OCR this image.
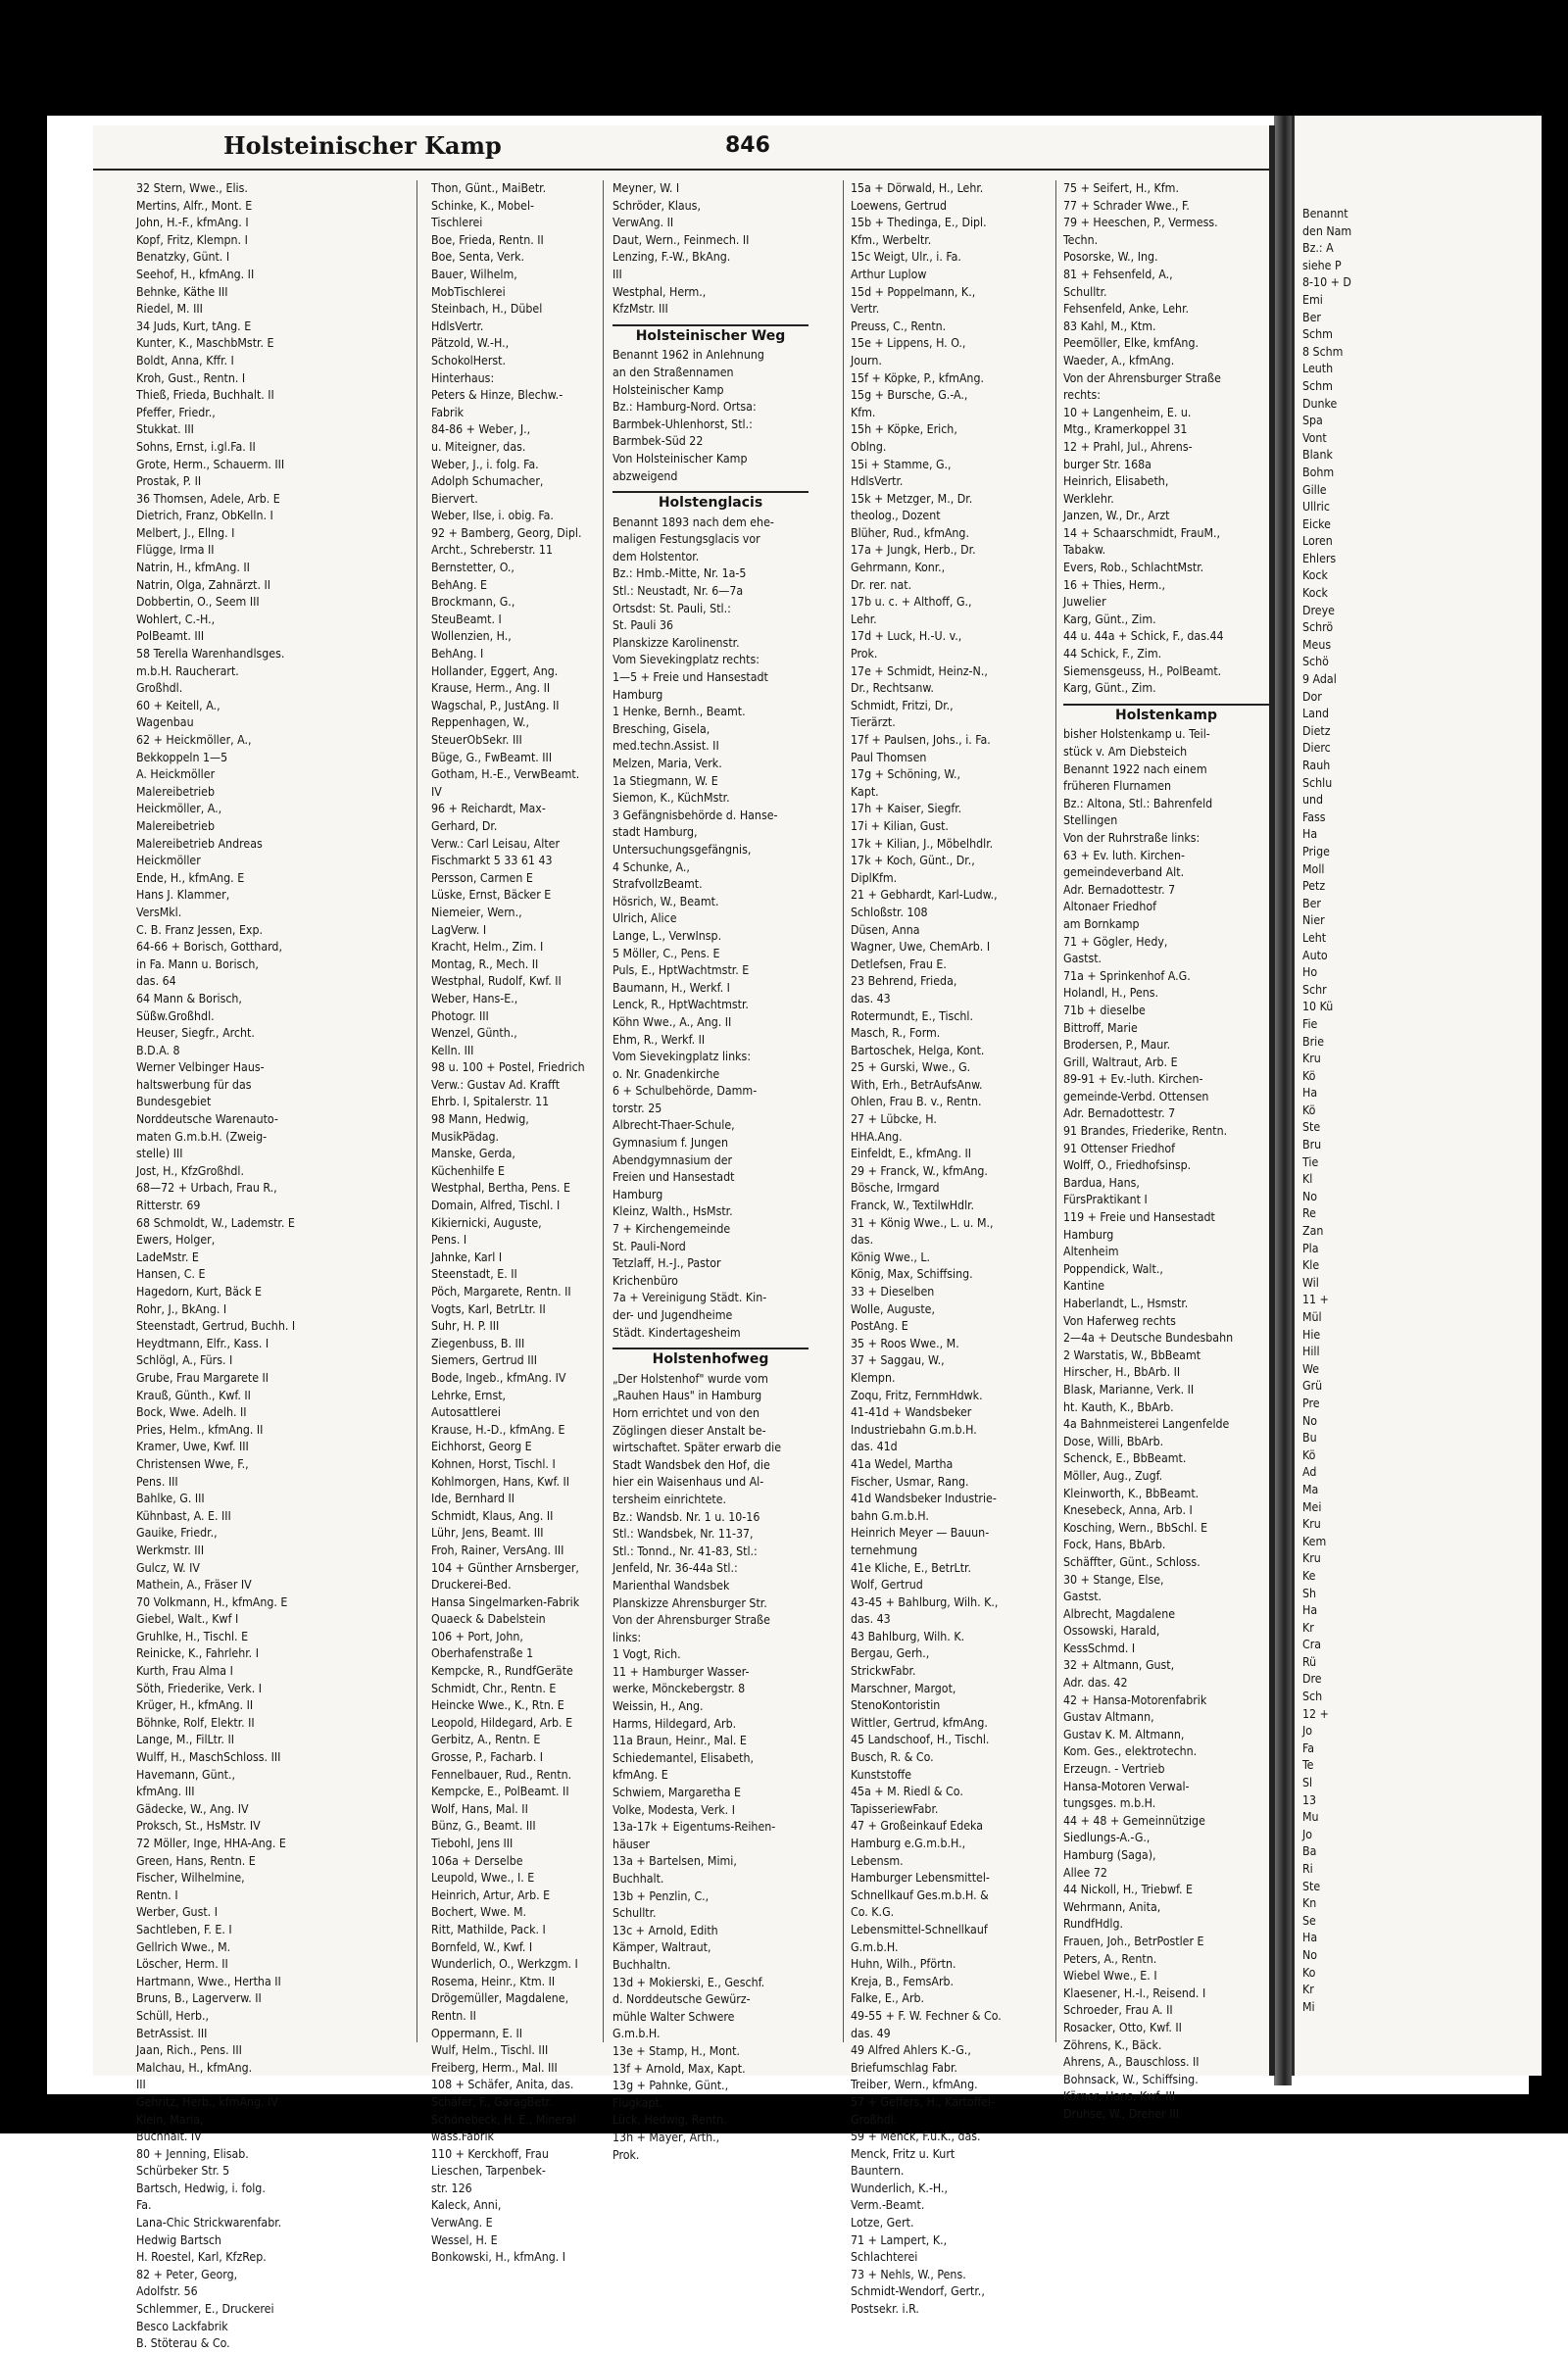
Holsteinischer Kamp	846
32 Stern, Wwe., Elis.
Mertins, Alfr., Mont. E
John, H.-F., kfmAng. I
Kopf, Fritz, Klempn. I
Benatzky, Günt. I
Seehof, H., kfmAng. II
Behnke, Käthe III
Riedel, M. III
34 Juds, Kurt, tAng. E
Kunter, K., MaschbMstr. E
Boldt, Anna, Kffr. I
Kroh, Gust., Rentn. I
Thieß, Frieda, Buchhalt. II
Pfeffer, Friedr.,
Stukkat. III
Sohns, Ernst, i.gl.Fa. II
Grote, Herm., Schauerm. III
Prostak, P. II
36 Thomsen, Adele, Arb. E
Dietrich, Franz, ObKelln. I
Melbert, J., Ellng. I
Flügge, Irma II
Natrin, H., kfmAng. II
Natrin, Olga, Zahnärzt. II
Dobbertin, O., Seem III
Wohlert, C.-H.,
PolBeamt. III
58 Terella Warenhandlsges.
m.b.H. Raucherart.
Großhdl.
60 + Keitell, A.,
Wagenbau
62 + Heickmöller, A.,
Bekkoppeln 1—5
A. Heickmöller
Malereibetrieb
Heickmöller, A.,
Malereibetrieb
Malereibetrieb Andreas
Heickmöller
Ende, H., kfmAng. E
Hans J. Klammer,
VersMkl.
C. B. Franz Jessen, Exp.
64-66 + Borisch, Gotthard,
in Fa. Mann u. Borisch,
das. 64
64 Mann & Borisch,
Süßw.Großhdl.
Heuser, Siegfr., Archt.
B.D.A. 8
Werner Velbinger Haus-
haltswerbung für das
Bundesgebiet
Norddeutsche Warenauto-
maten G.m.b.H. (Zweig-
stelle) III
Jost, H., KfzGroßhdl.
68—72 + Urbach, Frau R.,
Ritterstr. 69
68 Schmoldt, W., Lademstr. E
Ewers, Holger,
LadeMstr. E
Hansen, C. E
Hagedorn, Kurt, Bäck E
Rohr, J., BkAng. I
Steenstadt, Gertrud, Buchh. I
Heydtmann, Elfr., Kass. I
Schlögl, A., Fürs. I
Grube, Frau Margarete II
Krauß, Günth., Kwf. II
Bock, Wwe. Adelh. II
Pries, Helm., kfmAng. II
Kramer, Uwe, Kwf. III
Christensen Wwe, F.,
Pens. III
Bahlke, G. III
Kühnbast, A. E. III
Gauike, Friedr.,
Werkmstr. III
Gulcz, W. IV
Mathein, A., Fräser IV
70 Volkmann, H., kfmAng. E
Giebel, Walt., Kwf I
Gruhlke, H., Tischl. E
Reinicke, K., Fahrlehr. I
Kurth, Frau Alma I
Söth, Friederike, Verk. I
Krüger, H., kfmAng. II
Böhnke, Rolf, Elektr. II
Lange, M., FilLtr. II
Wulff, H., MaschSchloss. III
Havemann, Günt.,
kfmAng. III
Gädecke, W., Ang. IV
Proksch, St., HsMstr. IV
72 Möller, Inge, HHA-Ang. E
Green, Hans, Rentn. E
Fischer, Wilhelmine,
Rentn. I
Werber, Gust. I
Sachtleben, F. E. I
Gellrich Wwe., M.
Löscher, Herm. II
Hartmann, Wwe., Hertha II
Bruns, B., Lagerverw. II
Schüll, Herb.,
BetrAssist. III
Jaan, Rich., Pens. III
Malchau, H., kfmAng.
III
Gehritz, Herb., kfmAng. IV
Klein, Maria,
Buchhalt. IV
80 + Jenning, Elisab.
Schürbeker Str. 5
Bartsch, Hedwig, i. folg.
Fa.
Lana-Chic Strickwarenfabr.
Hedwig Bartsch
H. Roestel, Karl, KfzRep.
82 + Peter, Georg,
Adolfstr. 56
Schlemmer, E., Druckerei
Besco Lackfabrik
B. Stöterau & Co.
Thon, Günt., MaiBetr.
Schinke, K., Mobel-
Tischlerei
Boe, Frieda, Rentn. II
Boe, Senta, Verk.
Bauer, Wilhelm,
MobTischlerei
Steinbach, H., Dübel
HdlsVertr.
Pätzold, W.-H.,
SchokolHerst.
Hinterhaus:
Peters & Hinze, Blechw.-
Fabrik
84-86 + Weber, J.,
u. Miteigner, das.
Weber, J., i. folg. Fa.
Adolph Schumacher,
Biervert.
Weber, Ilse, i. obig. Fa.
92 + Bamberg, Georg, Dipl.
Archt., Schreberstr. 11
Bernstetter, O.,
BehAng. E
Brockmann, G.,
SteuBeamt. I
Wollenzien, H.,
BehAng. I
Hollander, Eggert, Ang.
Krause, Herm., Ang. II
Wagschal, P., JustAng. II
Reppenhagen, W.,
SteuerObSekr. III
Büge, G., FwBeamt. III
Gotham, H.-E., VerwBeamt.
IV
96 + Reichardt, Max-
Gerhard, Dr.
Verw.: Carl Leisau, Alter
Fischmarkt 5 33 61 43
Persson, Carmen E
Lüske, Ernst, Bäcker E
Niemeier, Wern.,
LagVerw. I
Kracht, Helm., Zim. I
Montag, R., Mech. II
Westphal, Rudolf, Kwf. II
Weber, Hans-E.,
Photogr. III
Wenzel, Günth.,
Kelln. III
98 u. 100 + Postel, Friedrich
Verw.: Gustav Ad. Krafft
Ehrb. I, Spitalerstr. 11
98 Mann, Hedwig,
MusikPädag.
Manske, Gerda,
Küchenhilfe E
Westphal, Bertha, Pens. E
Domain, Alfred, Tischl. I
Kikiernicki, Auguste,
Pens. I
Jahnke, Karl I
Steenstadt, E. II
Pöch, Margarete, Rentn. II
Vogts, Karl, BetrLtr. II
Suhr, H. P. III
Ziegenbuss, B. III
Siemers, Gertrud III
Bode, Ingeb., kfmAng. IV
Lehrke, Ernst,
Autosattlerei
Krause, H.-D., kfmAng. E
Eichhorst, Georg E
Kohnen, Horst, Tischl. I
Kohlmorgen, Hans, Kwf. II
Ide, Bernhard II
Schmidt, Klaus, Ang. II
Lühr, Jens, Beamt. III
Froh, Rainer, VersAng. III
104 + Günther Arnsberger,
Druckerei-Bed.
Hansa Singelmarken-Fabrik
Quaeck & Dabelstein
106 + Port, John,
Oberhafenstraße 1
Kempcke, R., RundfGeräte
Schmidt, Chr., Rentn. E
Heincke Wwe., K., Rtn. E
Leopold, Hildegard, Arb. E
Gerbitz, A., Rentn. E
Grosse, P., Facharb. I
Fennelbauer, Rud., Rentn.
Kempcke, E., PolBeamt. II
Wolf, Hans, Mal. II
Bünz, G., Beamt. III
Tiebohl, Jens III
106a + Derselbe
Leupold, Wwe., I. E
Heinrich, Artur, Arb. E
Bochert, Wwe. M.
Ritt, Mathilde, Pack. I
Bornfeld, W., Kwf. I
Wunderlich, O., Werkzgm. I
Rosema, Heinr., Ktm. II
Drögemüller, Magdalene,
Rentn. II
Oppermann, E. II
Wulf, Helm., Tischl. III
Freiberg, Herm., Mal. III
108 + Schäfer, Anita, das.
Schäfer, F., GaragBetr.
Schönebeck, H. E., Mineral
wass.Fabrik
110 + Kerckhoff, Frau
Lieschen, Tarpenbek-
str. 126
Kaleck, Anni,
VerwAng. E
Wessel, H. E
Bonkowski, H., kfmAng. I
Meyner, W. I
Schröder, Klaus,
VerwAng. II
Daut, Wern., Feinmech. II
Lenzing, F.-W., BkAng.
III
Westphal, Herm.,
KfzMstr. III
Holsteinischer Weg
Benannt 1962 in Anlehnung
an den Straßennamen
Holsteinischer Kamp
Bz.: Hamburg-Nord. Ortsa:
Barmbek-Uhlenhorst, Stl.:
Barmbek-Süd 22
Von Holsteinischer Kamp
abzweigend
Holstenglacis
Benannt 1893 nach dem ehe-
maligen Festungsglacis vor
dem Holstentor.
Bz.: Hmb.-Mitte, Nr. 1a-5
Stl.: Neustadt, Nr. 6—7a
Ortsdst: St. Pauli, Stl.:
St. Pauli 36
Planskizze Karolinenstr.
Vom Sievekingplatz rechts:
1—5 + Freie und Hansestadt
Hamburg
1 Henke, Bernh., Beamt.
Bresching, Gisela,
med.techn.Assist. II
Melzen, Maria, Verk.
1a Stiegmann, W. E
Siemon, K., KüchMstr.
3 Gefängnisbehörde d. Hanse-
stadt Hamburg,
Untersuchungsgefängnis,
4 Schunke, A.,
StrafvollzBeamt.
Hösrich, W., Beamt.
Ulrich, Alice
Lange, L., VerwInsp.
5 Möller, C., Pens. E
Puls, E., HptWachtmstr. E
Baumann, H., Werkf. I
Lenck, R., HptWachtmstr.
Köhn Wwe., A., Ang. II
Ehm, R., Werkf. II
Vom Sievekingplatz links:
o. Nr. Gnadenkirche
6 + Schulbehörde, Damm-
torstr. 25
Albrecht-Thaer-Schule,
Gymnasium f. Jungen
Abendgymnasium der
Freien und Hansestadt
Hamburg
Kleinz, Walth., HsMstr.
7 + Kirchengemeinde
St. Pauli-Nord
Tetzlaff, H.-J., Pastor
Krichenbüro
7a + Vereinigung Städt. Kin-
der- und Jugendheime
Städt. Kindertagesheim
Holstenhofweg
„Der Holstenhof" wurde vom
„Rauhen Haus" in Hamburg
Horn errichtet und von den
Zöglingen dieser Anstalt be-
wirtschaftet. Später erwarb die
Stadt Wandsbek den Hof, die
hier ein Waisenhaus und Al-
tersheim einrichtete.
Bz.: Wandsb. Nr. 1 u. 10-16
Stl.: Wandsbek, Nr. 11-37,
Stl.: Tonnd., Nr. 41-83, Stl.:
Jenfeld, Nr. 36-44a Stl.:
Marienthal Wandsbek
Planskizze Ahrensburger Str.
Von der Ahrensburger Straße
links:
1 Vogt, Rich.
11 + Hamburger Wasser-
werke, Mönckebergstr. 8
Weissin, H., Ang.
Harms, Hildegard, Arb.
11a Braun, Heinr., Mal. E
Schiedemantel, Elisabeth,
kfmAng. E
Schwiem, Margaretha E
Volke, Modesta, Verk. I
13a-17k + Eigentums-Reihen-
häuser
13a + Bartelsen, Mimi,
Buchhalt.
13b + Penzlin, C.,
Schulltr.
13c + Arnold, Edith
Kämper, Waltraut,
Buchhaltn.
13d + Mokierski, E., Geschf.
d. Norddeutsche Gewürz-
mühle Walter Schwere
G.m.b.H.
13e + Stamp, H., Mont.
13f + Arnold, Max, Kapt.
13g + Pahnke, Günt.,
Flugkapt.
Lück, Hedwig, Rentn.
13h + Mayer, Arth.,
Prok.
15a + Dörwald, H., Lehr.
Loewens, Gertrud
15b + Thedinga, E., Dipl.
Kfm., Werbeltr.
15c Weigt, Ulr., i. Fa.
Arthur Luplow
15d + Poppelmann, K.,
Vertr.
Preuss, C., Rentn.
15e + Lippens, H. O.,
Journ.
15f + Köpke, P., kfmAng.
15g + Bursche, G.-A.,
Kfm.
15h + Köpke, Erich,
Oblng.
15i + Stamme, G.,
HdlsVertr.
15k + Metzger, M., Dr.
theolog., Dozent
Blüher, Rud., kfmAng.
17a + Jungk, Herb., Dr.
Gehrmann, Konr.,
Dr. rer. nat.
17b u. c. + Althoff, G.,
Lehr.
17d + Luck, H.-U. v.,
Prok.
17e + Schmidt, Heinz-N.,
Dr., Rechtsanw.
Schmidt, Fritzi, Dr.,
Tierärzt.
17f + Paulsen, Johs., i. Fa.
Paul Thomsen
17g + Schöning, W.,
Kapt.
17h + Kaiser, Siegfr.
17i + Kilian, Gust.
17k + Kilian, J., Möbelhdlr.
17k + Koch, Günt., Dr.,
DiplKfm.
21 + Gebhardt, Karl-Ludw.,
Schloßstr. 108
Düsen, Anna
Wagner, Uwe, ChemArb. I
Detlefsen, Frau E.
23 Behrend, Frieda,
das. 43
Rotermundt, E., Tischl.
Masch, R., Form.
Bartoschek, Helga, Kont.
25 + Gurski, Wwe., G.
With, Erh., BetrAufsAnw.
Ohlen, Frau B. v., Rentn.
27 + Lübcke, H.
HHA.Ang.
Einfeldt, E., kfmAng. II
29 + Franck, W., kfmAng.
Bösche, Irmgard
Franck, W., TextilwHdlr.
31 + König Wwe., L. u. M.,
das.
König Wwe., L.
König, Max, Schiffsing.
33 + Dieselben
Wolle, Auguste,
PostAng. E
35 + Roos Wwe., M.
37 + Saggau, W.,
Klempn.
Zoqu, Fritz, FernmHdwk.
41-41d + Wandsbeker
Industriebahn G.m.b.H.
das. 41d
41a Wedel, Martha
Fischer, Usmar, Rang.
41d Wandsbeker Industrie-
bahn G.m.b.H.
Heinrich Meyer — Bauun-
ternehmung
41e Kliche, E., BetrLtr.
Wolf, Gertrud
43-45 + Bahlburg, Wilh. K.,
das. 43
43 Bahlburg, Wilh. K.
Bergau, Gerh.,
StrickwFabr.
Marschner, Margot,
StenoKontoristin
Wittler, Gertrud, kfmAng.
45 Landschoof, H., Tischl.
Busch, R. & Co.
Kunststoffe
45a + M. Riedl & Co.
TapisseriewFabr.
47 + Großeinkauf Edeka
Hamburg e.G.m.b.H.,
Lebensm.
Hamburger Lebensmittel-
Schnellkauf Ges.m.b.H. &
Co. K.G.
Lebensmittel-Schnellkauf
G.m.b.H.
Huhn, Wilh., Pförtn.
Kreja, B., FemsArb.
Falke, E., Arb.
49-55 + F. W. Fechner & Co.
das. 49
49 Alfred Ahlers K.-G.,
Briefumschlag Fabr.
Treiber, Wern., kfmAng.
57 + Geffers, H., Kartoffel-
Großhdl.
59 + Menck, F.u.K., das.
Menck, Fritz u. Kurt
Bauntern.
Wunderlich, K.-H.,
Verm.-Beamt.
Lotze, Gert.
71 + Lampert, K.,
Schlachterei
73 + Nehls, W., Pens.
Schmidt-Wendorf, Gertr.,
Postsekr. i.R.
75 + Seifert, H., Kfm.
77 + Schrader Wwe., F.
79 + Heeschen, P., Vermess.
Techn.
Posorske, W., Ing.
81 + Fehsenfeld, A.,
Schulltr.
Fehsenfeld, Anke, Lehr.
83 Kahl, M., Ktm.
Peemöller, Elke, kmfAng.
Waeder, A., kfmAng.
Von der Ahrensburger Straße
rechts:
10 + Langenheim, E. u.
Mtg., Kramerkoppel 31
12 + Prahl, Jul., Ahrens-
burger Str. 168a
Heinrich, Elisabeth,
Werklehr.
Janzen, W., Dr., Arzt
14 + Schaarschmidt, FrauM.,
Tabakw.
Evers, Rob., SchlachtMstr.
16 + Thies, Herm.,
Juwelier
Karg, Günt., Zim.
44 u. 44a + Schick, F., das.44
44 Schick, F., Zim.
Siemensgeuss, H., PolBeamt.
Karg, Günt., Zim.
Holstenkamp
bisher Holstenkamp u. Teil-
stück v. Am Diebsteich
Benannt 1922 nach einem
früheren Flurnamen
Bz.: Altona, Stl.: Bahrenfeld
Stellingen
Von der Ruhrstraße links:
63 + Ev. luth. Kirchen-
gemeindeverband Alt.
Adr. Bernadottestr. 7
Altonaer Friedhof
am Bornkamp
71 + Gögler, Hedy,
Gastst.
71a + Sprinkenhof A.G.
Holandl, H., Pens.
71b + dieselbe
Bittroff, Marie
Brodersen, P., Maur.
Grill, Waltraut, Arb. E
89-91 + Ev.-luth. Kirchen-
gemeinde-Verbd. Ottensen
Adr. Bernadottestr. 7
91 Brandes, Friederike, Rentn.
91 Ottenser Friedhof
Wolff, O., Friedhofsinsp.
Bardua, Hans,
FürsPraktikant I
119 + Freie und Hansestadt
Hamburg
Altenheim
Poppendick, Walt.,
Kantine
Haberlandt, L., Hsmstr.
Von Haferweg rechts
2—4a + Deutsche Bundesbahn
2 Warstatis, W., BbBeamt
Hirscher, H., BbArb. II
Blask, Marianne, Verk. II
ht. Kauth, K., BbArb.
4a Bahnmeisterei Langenfelde
Dose, Willi, BbArb.
Schenck, E., BbBeamt.
Möller, Aug., Zugf.
Kleinworth, K., BbBeamt.
Knesebeck, Anna, Arb. I
Kosching, Wern., BbSchl. E
Fock, Hans, BbArb.
Schäffter, Günt., Schloss.
30 + Stange, Else,
Gastst.
Albrecht, Magdalene
Ossowski, Harald,
KessSchmd. I
32 + Altmann, Gust,
Adr. das. 42
42 + Hansa-Motorenfabrik
Gustav Altmann,
Gustav K. M. Altmann,
Kom. Ges., elektrotechn.
Erzeugn. - Vertrieb
Hansa-Motoren Verwal-
tungsges. m.b.H.
44 + 48 + Gemeinnützige
Siedlungs-A.-G.,
Hamburg (Saga),
Allee 72
44 Nickoll, H., Triebwf. E
Wehrmann, Anita,
RundfHdlg.
Frauen, Joh., BetrPostler E
Peters, A., Rentn.
Wiebel Wwe., E. I
Klaesener, H.-I., Reisend. I
Schroeder, Frau A. II
Rosacker, Otto, Kwf. II
Zöhrens, K., Bäck.
Ahrens, A., Bauschloss. II
Bohnsack, W., Schiffsing.
Körner, Hans, Kwf. III
Druhse, W., Dreher III
Benannt
den Nam
Bz.: A
siehe P
8-10 + D
Emi
Ber
Schm
8 Schm
Leuth
Schm
Dunke
Spa
Vont
Blank
Bohm
Gille
Ullric
Eicke
Loren
Ehlers
Kock
Kock
Dreye
Schrö
Meus
Schö
9 Adal
Dor
Land
Dietz
Dierc
Rauh
Schlu
und
Fass
Ha
Prige
Moll
Petz
Ber
Nier
Leht
Auto
Ho
Schr
10 Kü
Fie
Brie
Kru
Kö
Ha
Kö
Ste
Bru
Tie
Kl
No
Re
Zan
Pla
Kle
Wil
11 +
Mül
Hie
Hill
We
Grü
Pre
No
Bu
Kö
Ad
Ma
Mei
Kru
Kem
Kru
Ke
Sh
Ha
Kr
Cra
Rü
Dre
Sch
12 +
Jo
Fa
Te
Sl
13
Mu
Jo
Ba
Ri
Ste
Kn
Se
Ha
No
Ko
Kr
Mi
